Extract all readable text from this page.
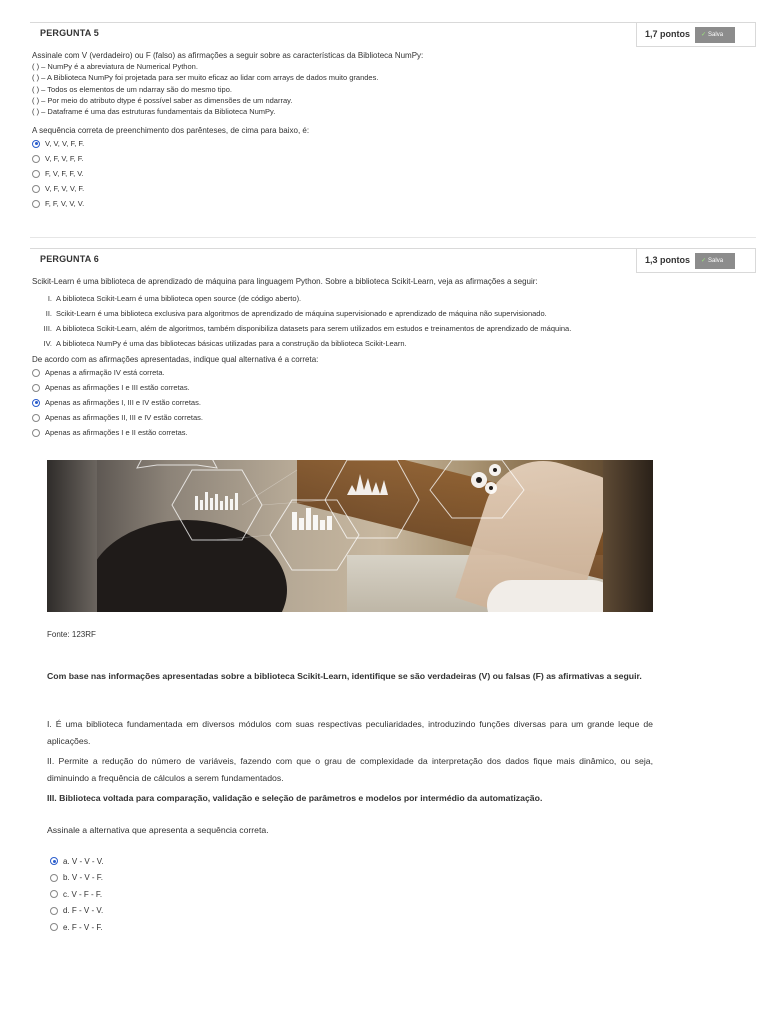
PERGUNTA 5	1,7 pontos	✓ Salva

Assinale com V (verdadeiro) ou F (falso) as afirmações a seguir sobre as características da Biblioteca NumPy:

( ) – NumPy é a abreviatura de Numerical Python.

( ) – A Biblioteca NumPy foi projetada para ser muito eficaz ao lidar com arrays de dados muito grandes.

( ) – Todos os elementos de um ndarray são do mesmo tipo.

( ) – Por meio do atributo dtype é possível saber as dimensões de um ndarray.

( ) – Dataframe é uma das estruturas fundamentais da Biblioteca NumPy.

A sequência correta de preenchimento dos parênteses, de cima para baixo, é:

V, V, V, F, F.
V, F, V, F, F.
F, V, F, F, V.
V, F, V, V, F.
F, F, V, V, V.
PERGUNTA 6	1,3 pontos	✓ Salva

Scikit-Learn é uma biblioteca de aprendizado de máquina para linguagem Python. Sobre a biblioteca Scikit-Learn, veja as afirmações a seguir:

I. A biblioteca Scikit-Learn é uma biblioteca open source (de código aberto).
II. Scikit-Learn é uma biblioteca exclusiva para algoritmos de aprendizado de máquina supervisionado e aprendizado de máquina não supervisionado.
III. A biblioteca Scikit-Learn, além de algoritmos, também disponibiliza datasets para serem utilizados em estudos e treinamentos de aprendizado de máquina.
IV. A biblioteca NumPy é uma das bibliotecas básicas utilizadas para a construção da biblioteca Scikit-Learn.

De acordo com as afirmações apresentadas, indique qual alternativa é a correta:

Apenas a afirmação IV está correta.
Apenas as afirmações I e III estão corretas.
Apenas as afirmações I, III e IV estão corretas.
Apenas as afirmações II, III e IV estão corretas.
Apenas as afirmações I e II estão corretas.

Fonte: 123RF

Com base nas informações apresentadas sobre a biblioteca Scikit-Learn, identifique se são verdadeiras (V) ou falsas (F) as afirmativas a seguir.

I. É uma biblioteca fundamentada em diversos módulos com suas respectivas peculiaridades, introduzindo funções diversas para um grande leque de aplicações.

II. Permite a redução do número de variáveis, fazendo com que o grau de complexidade da interpretação dos dados fique mais dinâmico, ou seja, diminuindo a frequência de cálculos a serem fundamentados.

III. Biblioteca voltada para comparação, validação e seleção de parâmetros e modelos por intermédio da automatização.

Assinale a alternativa que apresenta a sequência correta.

a. V - V - V.
b. V - V - F.
c. V - F - F.
d. F - V - V.
e. F - V - F.
